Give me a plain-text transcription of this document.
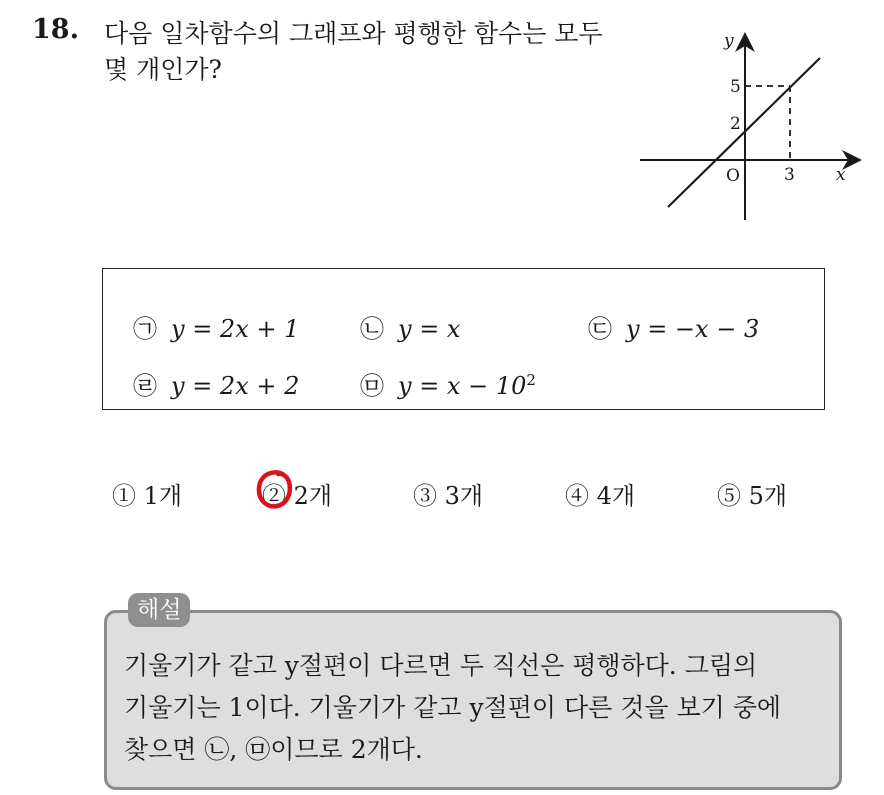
18. 다음 일차함수의 그래프와 평행한 함수는 모두
몇 개인가?
y
x
O
5
2
3
㉠ y = 2x + 1	㉡ y = x	㉢ y = −x − 3
㉣ y = 2x + 2	㉤ $y = x - 10^2$
① 1개	② 2개	③ 3개	④ 4개	⑤ 5개
해설
기울기가 같고 y절편이 다르면 두 직선은 평행하다. 그림의
기울기는 1이다. 기울기가 같고 y절편이 다른 것을 보기 중에
찾으면 ㉡, ㉤이므로 2개다.
